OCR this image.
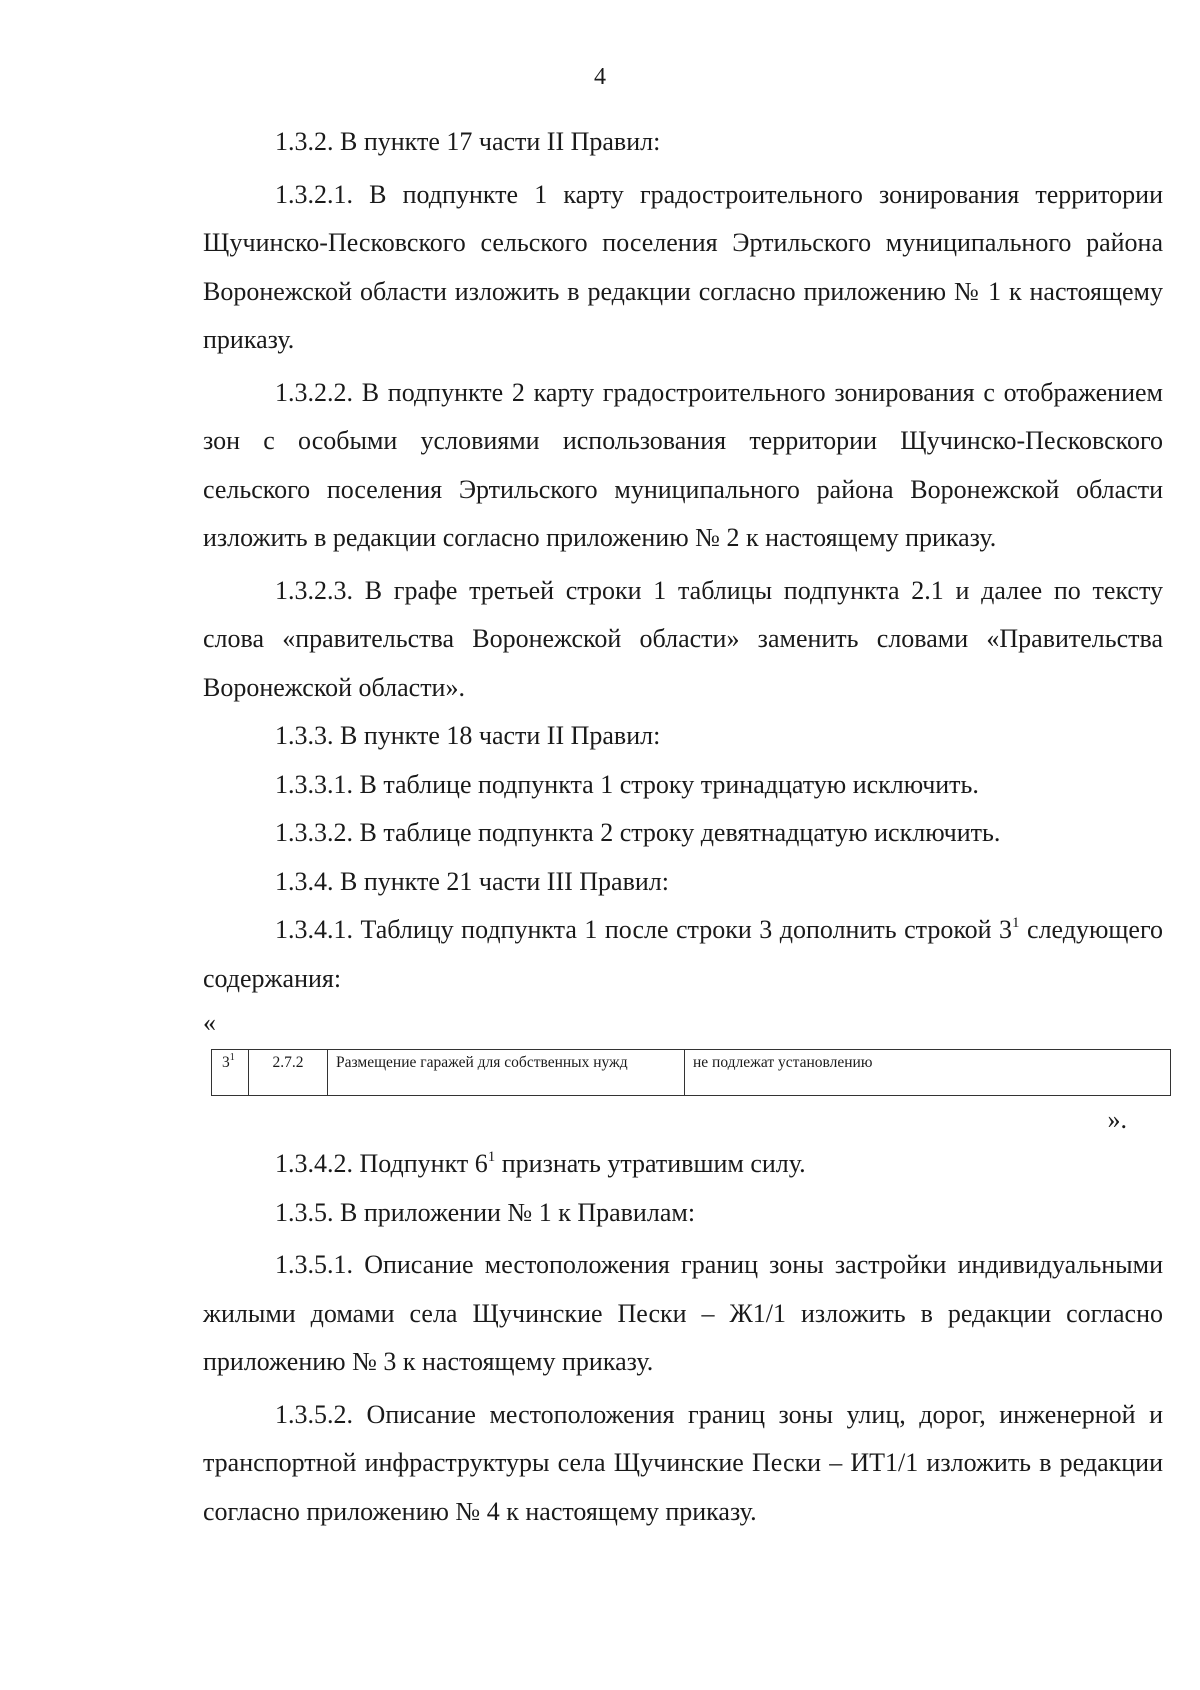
4

1.3.2. В пункте 17 части II Правил:

1.3.2.1. В подпункте 1 карту градостроительного зонирования территории Щучинско-Песковского сельского поселения Эртильского муниципального района Воронежской области изложить в редакции согласно приложению № 1 к настоящему приказу.

1.3.2.2. В подпункте 2 карту градостроительного зонирования с отображением зон с особыми условиями использования территории Щучинско-Песковского сельского поселения Эртильского муниципального района Воронежской области изложить в редакции согласно приложению № 2 к настоящему приказу.

1.3.2.3. В графе третьей строки 1 таблицы подпункта 2.1 и далее по тексту слова «правительства Воронежской области» заменить словами «Правительства Воронежской области».

1.3.3. В пункте 18 части II Правил:

1.3.3.1. В таблице подпункта 1 строку тринадцатую исключить.

1.3.3.2. В таблице подпункта 2 строку девятнадцатую исключить.

1.3.4. В пункте 21 части III Правил:

1.3.4.1. Таблицу подпункта 1 после строки 3 дополнить строкой $3^1$ следующего содержания:

«

$3^1$	2.7.2	Размещение гаражей для собственных нужд	не подлежат установлению

».

1.3.4.2. Подпункт $6^1$ признать утратившим силу.

1.3.5. В приложении № 1 к Правилам:

1.3.5.1. Описание местоположения границ зоны застройки индивидуальными жилыми домами села Щучинские Пески – Ж1/1 изложить в редакции согласно приложению № 3 к настоящему приказу.

1.3.5.2. Описание местоположения границ зоны улиц, дорог, инженерной и транспортной инфраструктуры села Щучинские Пески – ИТ1/1 изложить в редакции согласно приложению № 4 к настоящему приказу.
